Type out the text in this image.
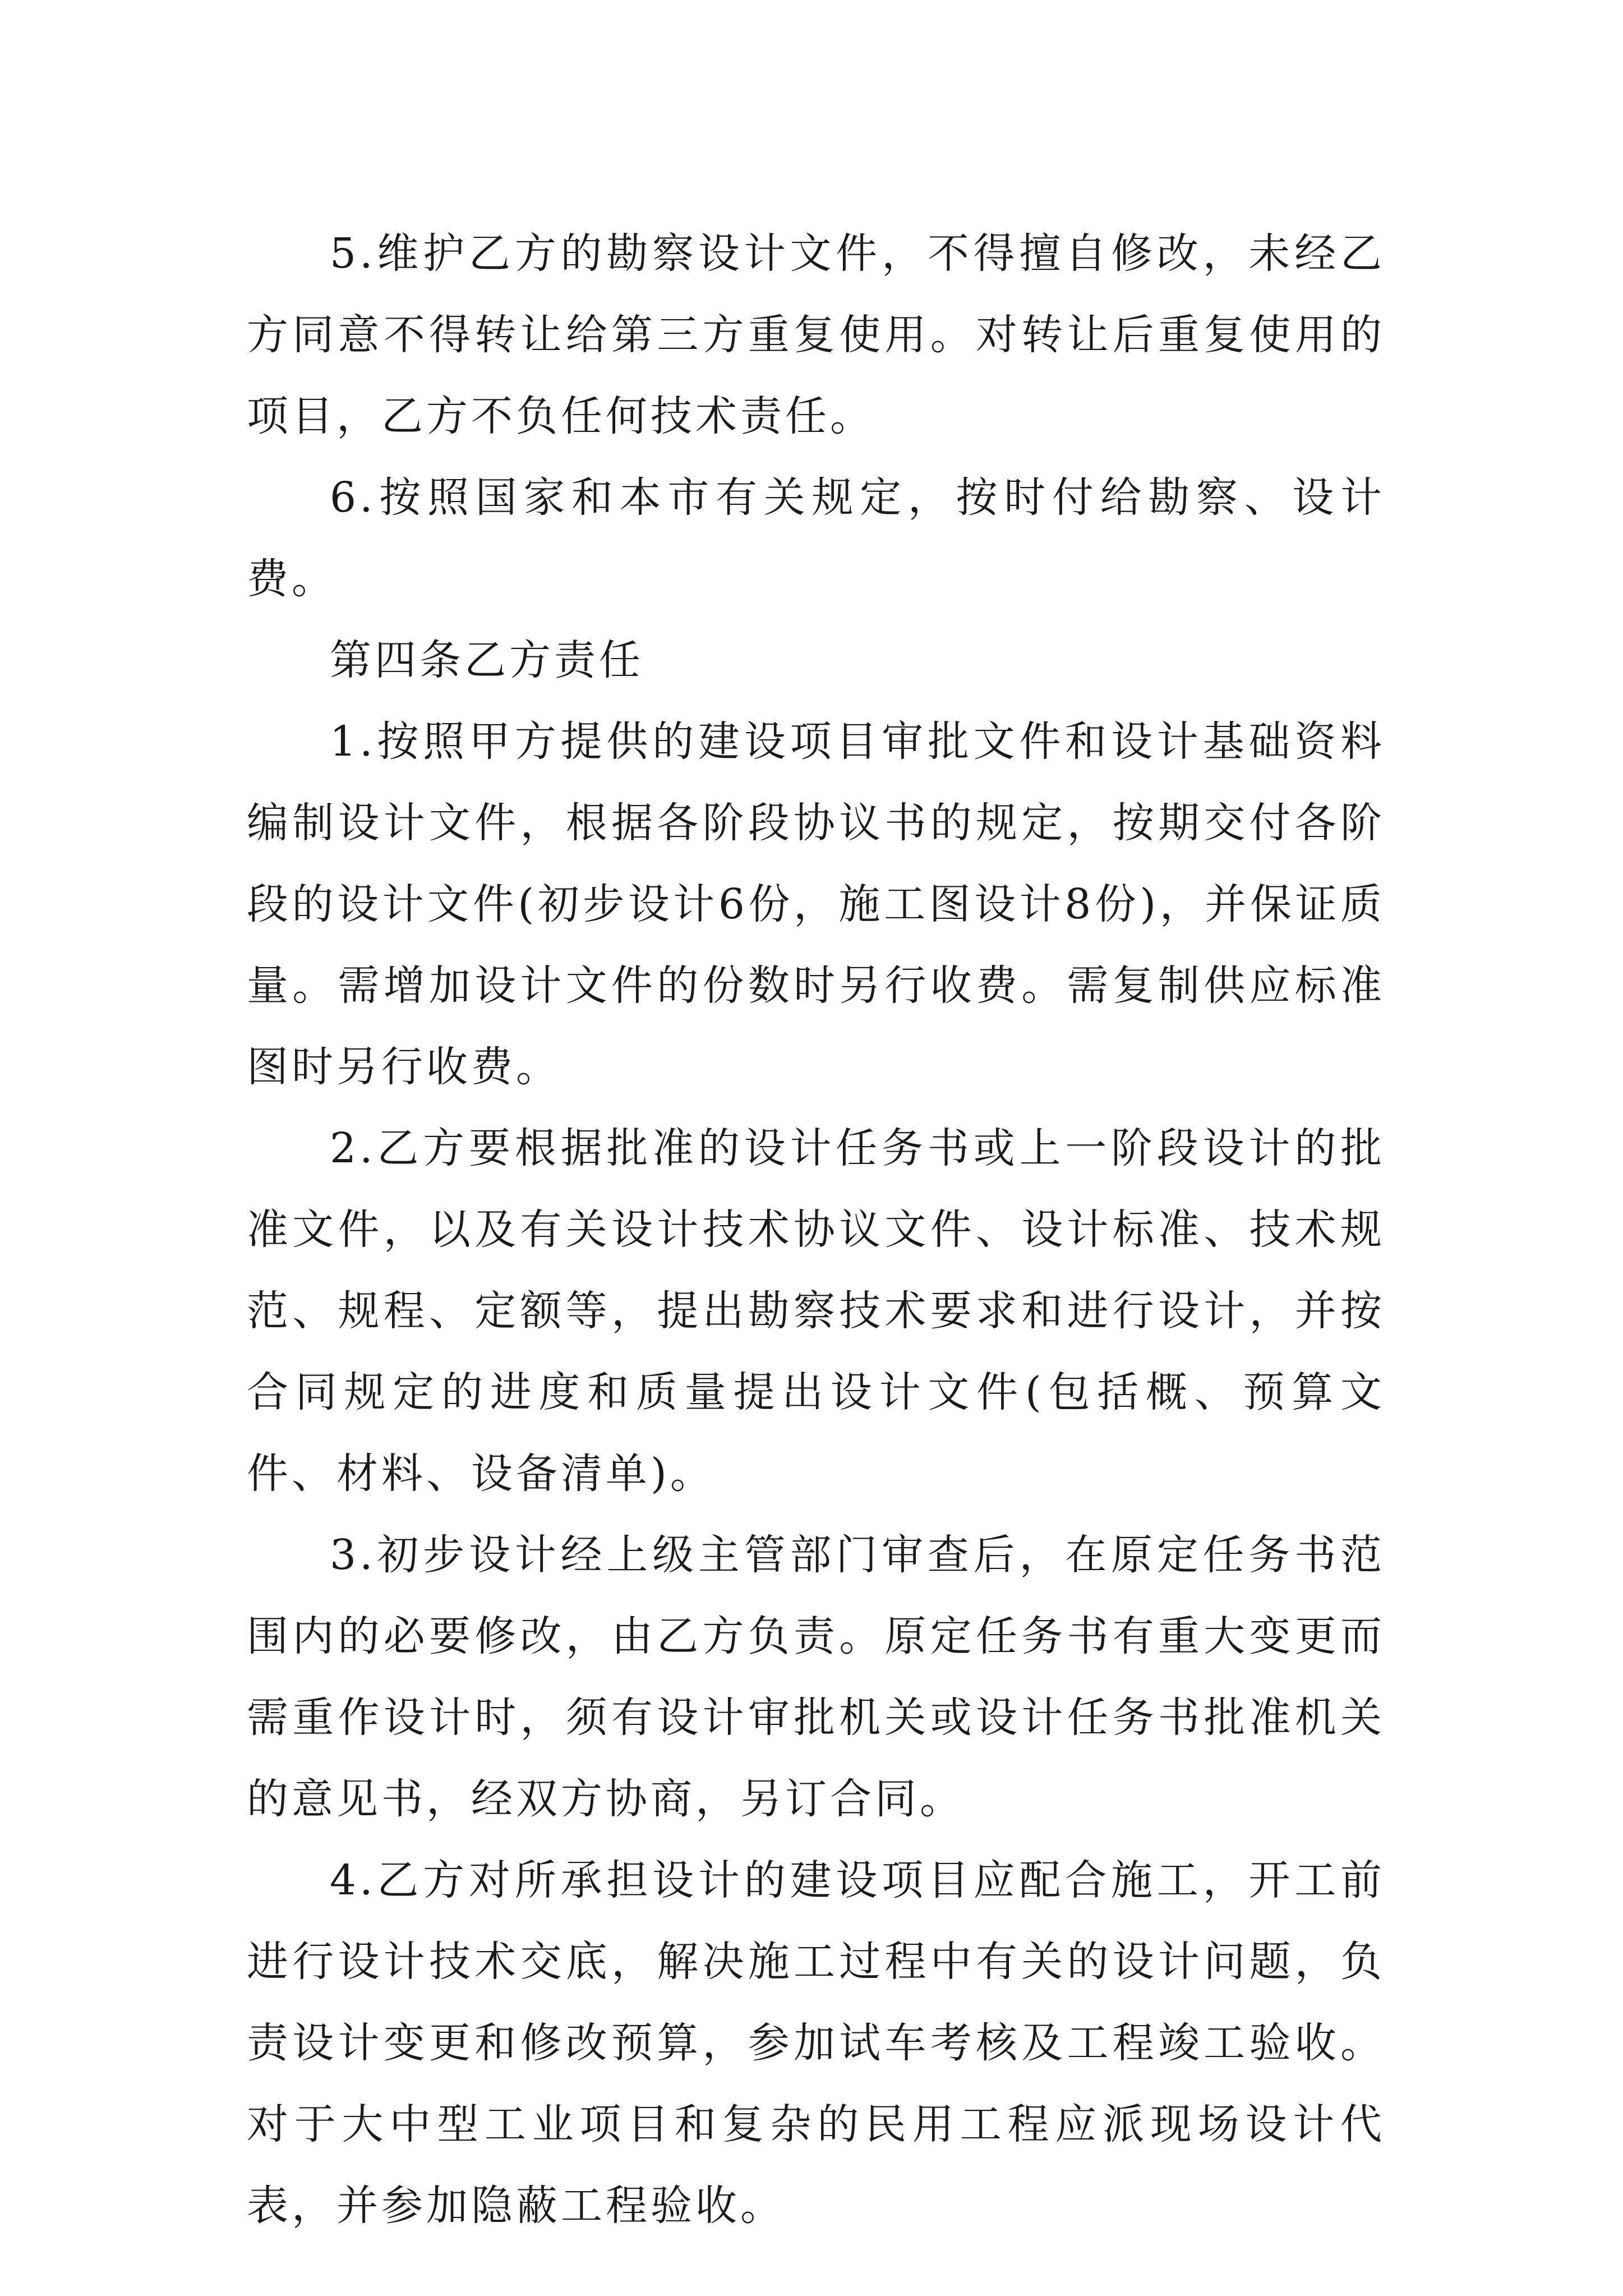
5.维护乙方的勘察设计文件，不得擅自修改，未经乙方同意不得转让给第三方重复使用。对转让后重复使用的项目，乙方不负任何技术责任。

6.按照国家和本市有关规定，按时付给勘察、设计费。

第四条乙方责任

1.按照甲方提供的建设项目审批文件和设计基础资料编制设计文件，根据各阶段协议书的规定，按期交付各阶段的设计文件(初步设计6份，施工图设计8份)，并保证质量。需增加设计文件的份数时另行收费。需复制供应标准图时另行收费。

2.乙方要根据批准的设计任务书或上一阶段设计的批准文件，以及有关设计技术协议文件、设计标准、技术规范、规程、定额等，提出勘察技术要求和进行设计，并按合同规定的进度和质量提出设计文件(包括概、预算文件、材料、设备清单)。

3.初步设计经上级主管部门审查后，在原定任务书范围内的必要修改，由乙方负责。原定任务书有重大变更而需重作设计时，须有设计审批机关或设计任务书批准机关的意见书，经双方协商，另订合同。

4.乙方对所承担设计的建设项目应配合施工，开工前进行设计技术交底，解决施工过程中有关的设计问题，负责设计变更和修改预算，参加试车考核及工程竣工验收。对于大中型工业项目和复杂的民用工程应派现场设计代表，并参加隐蔽工程验收。
